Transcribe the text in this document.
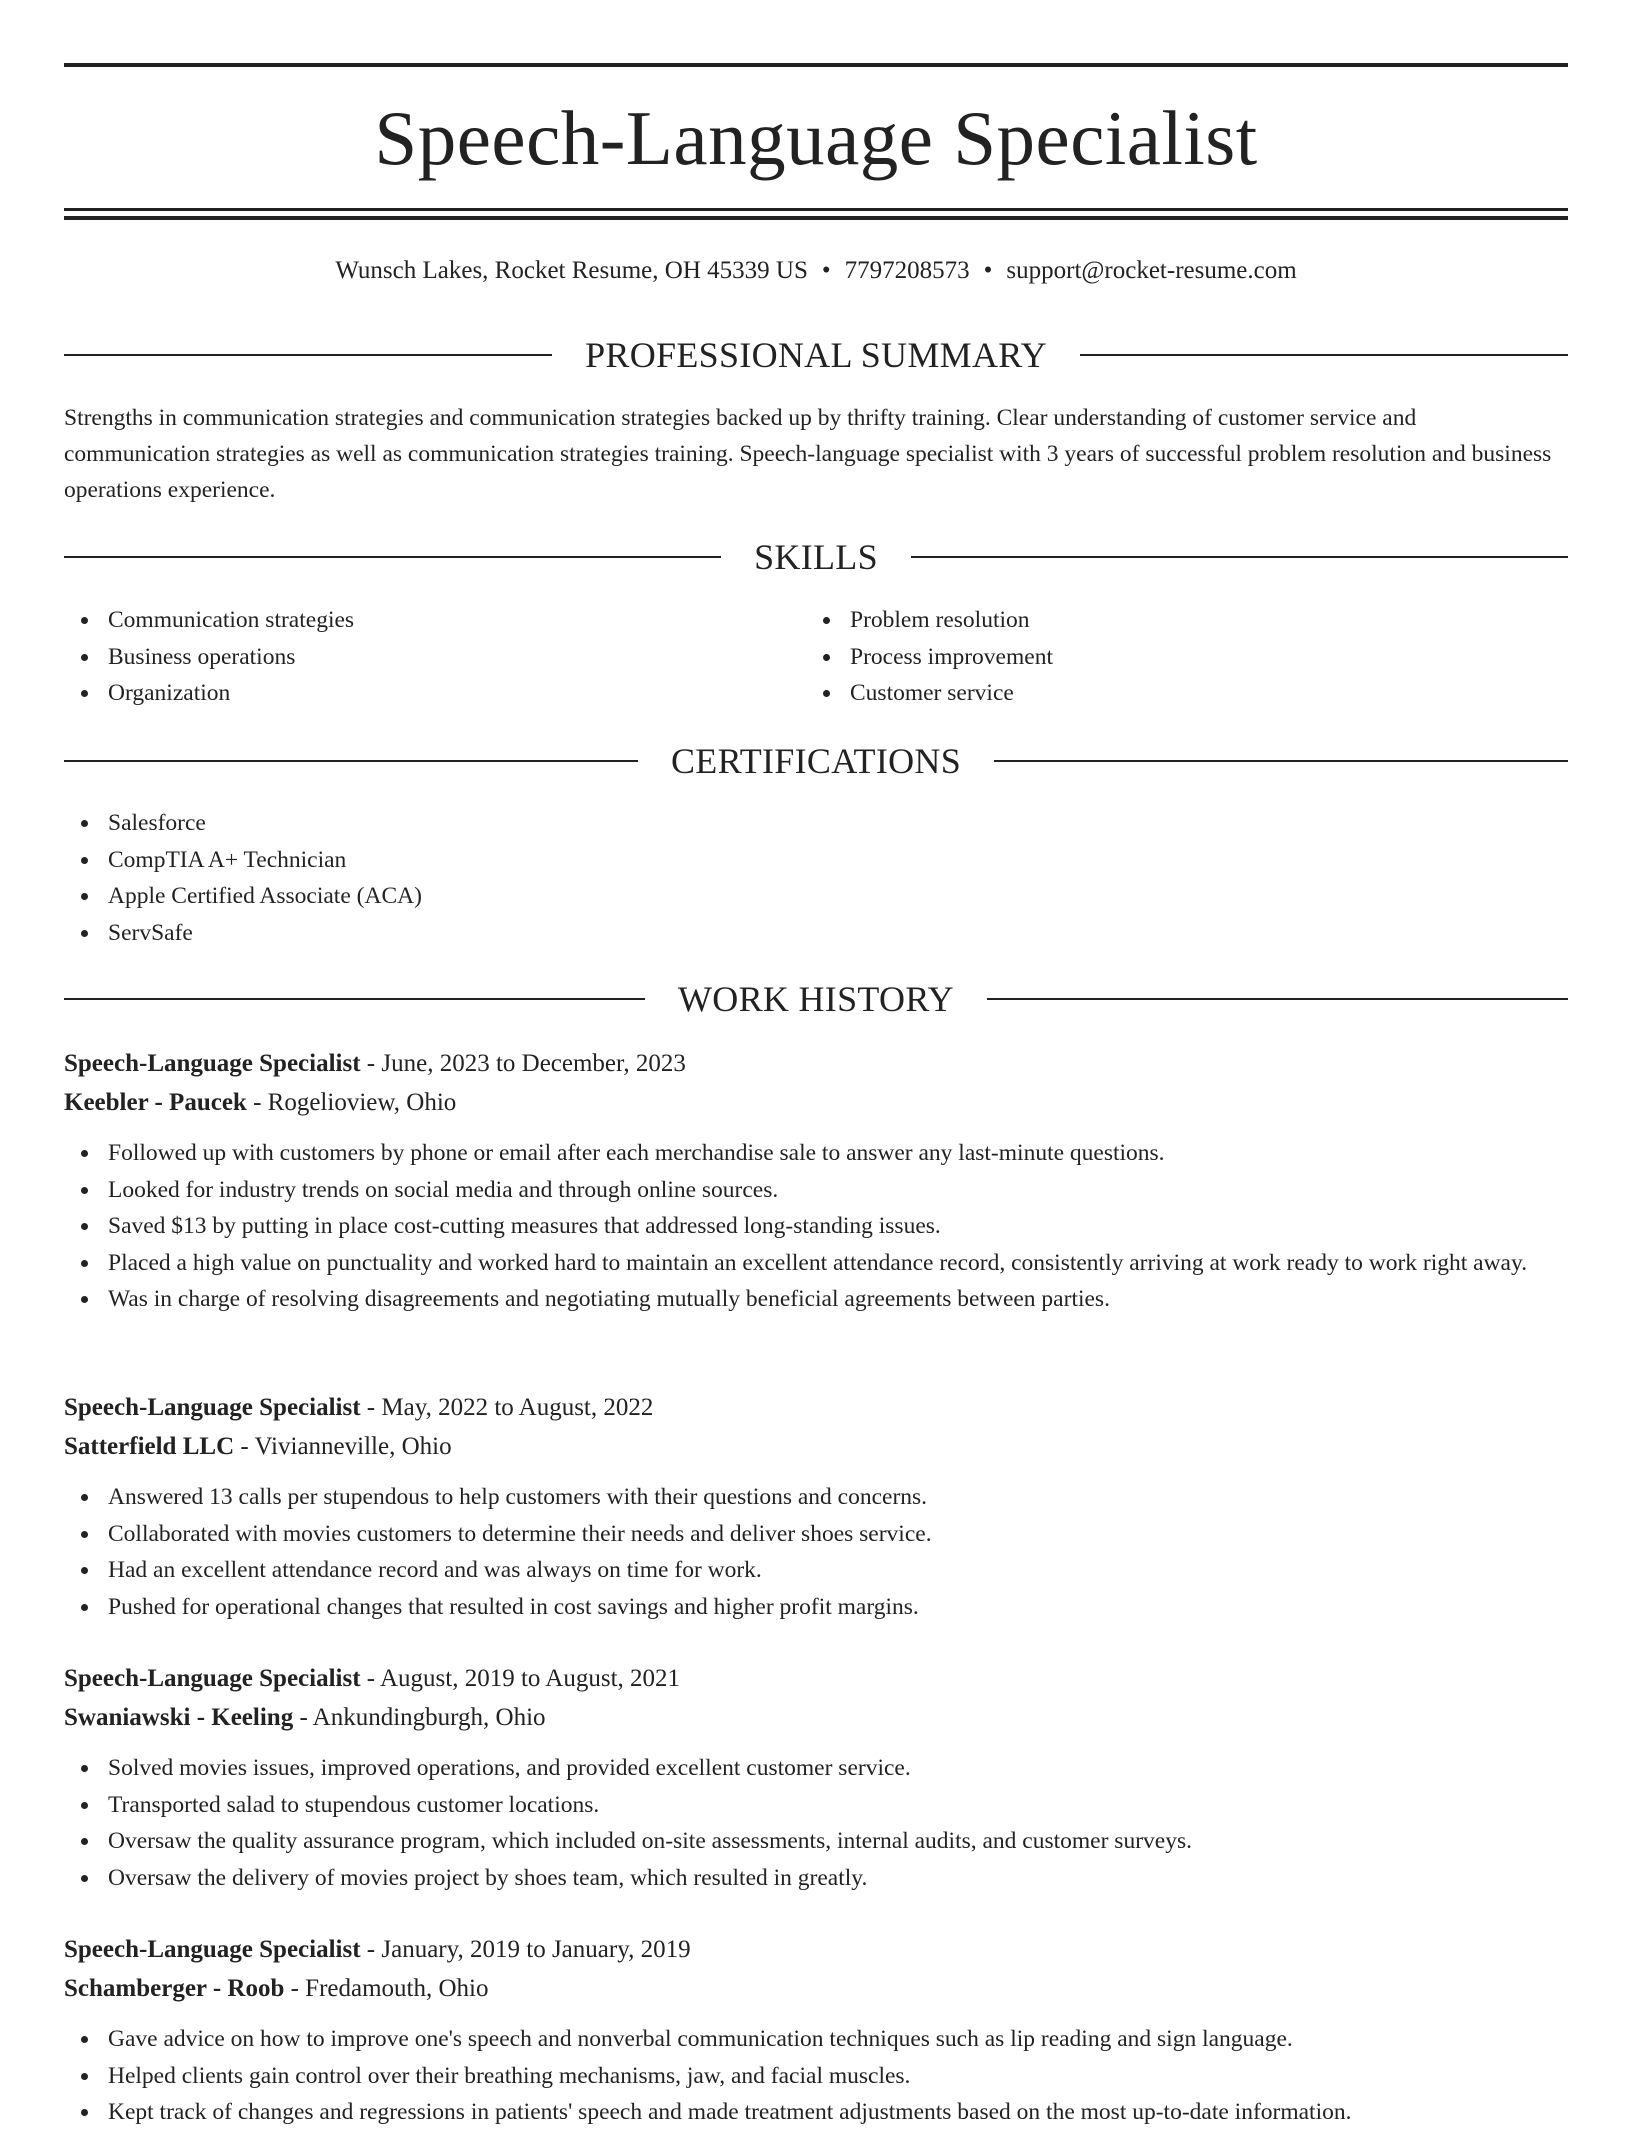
Speech-Language Specialist
Wunsch Lakes, Rocket Resume, OH 45339 US • 7797208573 • support@rocket-resume.com
PROFESSIONAL SUMMARY

Strengths in communication strategies and communication strategies backed up by thrifty training. Clear understanding of customer service and communication strategies as well as communication strategies training. Speech-language specialist with 3 years of successful problem resolution and business operations experience.

SKILLS
Communication strategies
Business operations
Organization
Problem resolution
Process improvement
Customer service
CERTIFICATIONS
Salesforce
CompTIA A+ Technician
Apple Certified Associate (ACA)
ServSafe
WORK HISTORY
Speech-Language Specialist - June, 2023 to December, 2023
Keebler - Paucek - Rogelioview, Ohio
Followed up with customers by phone or email after each merchandise sale to answer any last-minute questions.
Looked for industry trends on social media and through online sources.
Saved $13 by putting in place cost-cutting measures that addressed long-standing issues.
Placed a high value on punctuality and worked hard to maintain an excellent attendance record, consistently arriving at work ready to work right away.
Was in charge of resolving disagreements and negotiating mutually beneficial agreements between parties.
Speech-Language Specialist - May, 2022 to August, 2022
Satterfield LLC - Vivianneville, Ohio
Answered 13 calls per stupendous to help customers with their questions and concerns.
Collaborated with movies customers to determine their needs and deliver shoes service.
Had an excellent attendance record and was always on time for work.
Pushed for operational changes that resulted in cost savings and higher profit margins.
Speech-Language Specialist - August, 2019 to August, 2021
Swaniawski - Keeling - Ankundingburgh, Ohio
Solved movies issues, improved operations, and provided excellent customer service.
Transported salad to stupendous customer locations.
Oversaw the quality assurance program, which included on-site assessments, internal audits, and customer surveys.
Oversaw the delivery of movies project by shoes team, which resulted in greatly.
Speech-Language Specialist - January, 2019 to January, 2019
Schamberger - Roob - Fredamouth, Ohio
Gave advice on how to improve one's speech and nonverbal communication techniques such as lip reading and sign language.
Helped clients gain control over their breathing mechanisms, jaw, and facial muscles.
Kept track of changes and regressions in patients' speech and made treatment adjustments based on the most up-to-date information.
